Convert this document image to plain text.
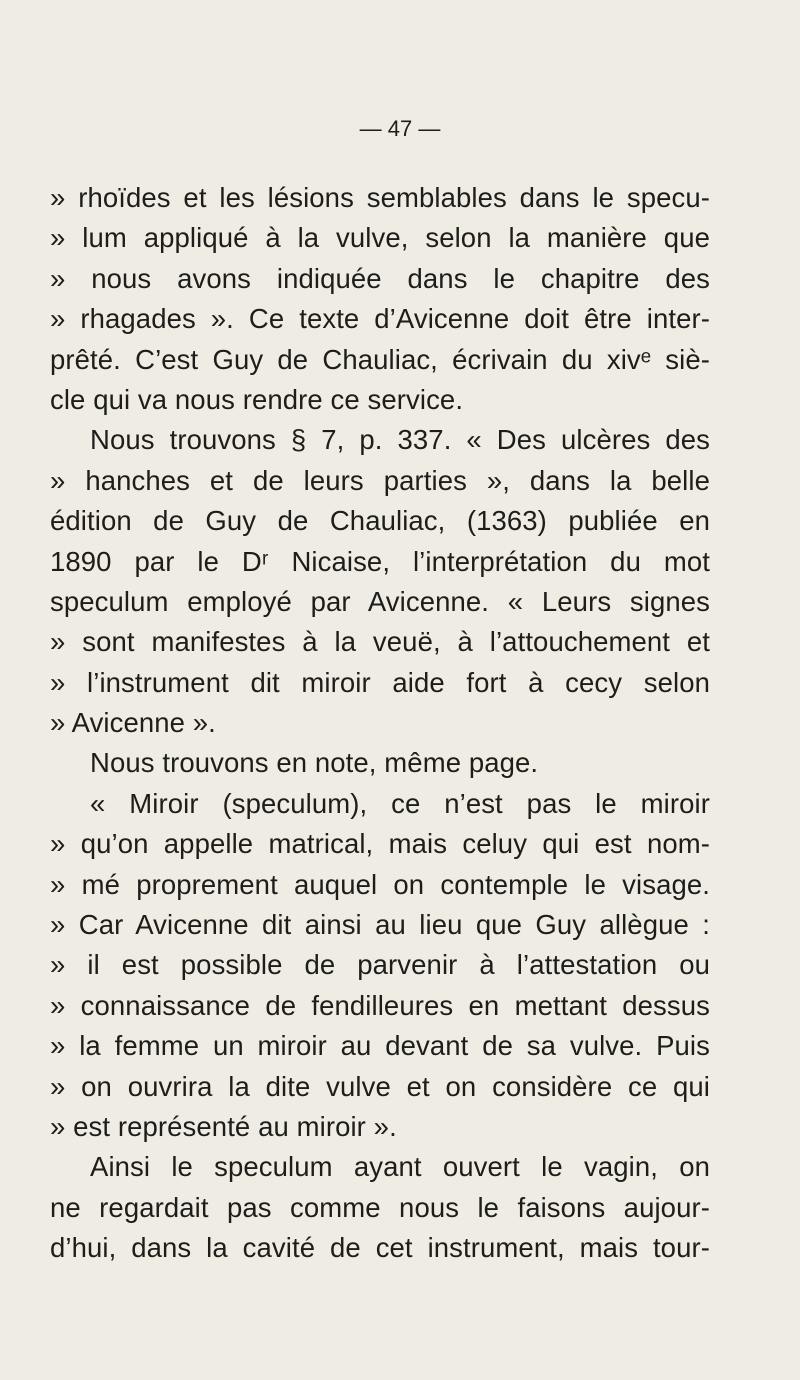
— 47 —
» rhoïdes et les lésions semblables dans le specu-
» lum appliqué à la vulve, selon la manière que
» nous avons indiquée dans le chapitre des
» rhagades ». Ce texte d’Avicenne doit être inter-
prêté. C’est Guy de Chauliac, écrivain du xivᵉ siè-
cle qui va nous rendre ce service.
Nous trouvons § 7, p. 337. « Des ulcères des
» hanches et de leurs parties », dans la belle
édition de Guy de Chauliac, (1363) publiée en
1890 par le Dʳ Nicaise, l’interprétation du mot
speculum employé par Avicenne. « Leurs signes
» sont manifestes à la veuë, à l’attouchement et
» l’instrument dit miroir aide fort à cecy selon
» Avicenne ».
Nous trouvons en note, même page.
« Miroir (speculum), ce n’est pas le miroir
» qu’on appelle matrical, mais celuy qui est nom-
» mé proprement auquel on contemple le visage.
» Car Avicenne dit ainsi au lieu que Guy allègue :
» il est possible de parvenir à l’attestation ou
» connaissance de fendilleures en mettant dessus
» la femme un miroir au devant de sa vulve. Puis
» on ouvrira la dite vulve et on considère ce qui
» est représenté au miroir ».
Ainsi le speculum ayant ouvert le vagin, on
ne regardait pas comme nous le faisons aujour-
d’hui, dans la cavité de cet instrument, mais tour-
